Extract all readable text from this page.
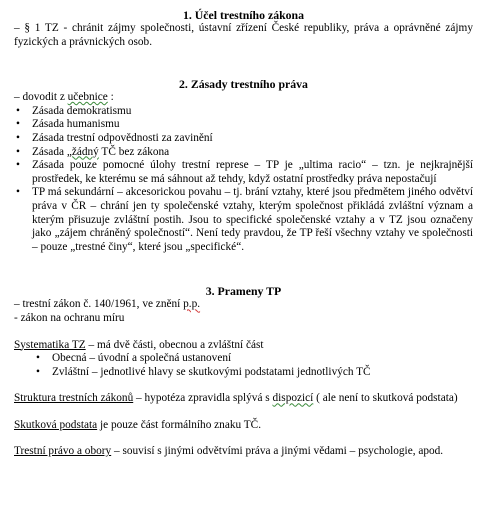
1. Účel trestního zákona

– § 1 TZ - chránit zájmy společnosti, ústavní zřízení České republiky, práva a oprávněné zájmy fyzických a právnických osob.

2. Zásady trestního práva

– dovodit z učebnice :

• Zásada demokratismu
• Zásada humanismu
• Zásada trestní odpovědnosti za zavinění
• Zásada „žádný TČ bez zákona
• Zásada pouze pomocné úlohy trestní represe – TP je „ultima racio“ – tzn. je nejkrajnější prostředek, ke kterému se má sáhnout až tehdy, když ostatní prostředky práva nepostačují
• TP má sekundární – akcesorickou povahu – tj. brání vztahy, které jsou předmětem jiného odvětví práva v ČR – chrání jen ty společenské vztahy, kterým společnost přikládá zvláštní význam a kterým přisuzuje zvláštní postih. Jsou to specifické společenské vztahy a v TZ jsou označeny jako „zájem chráněný společností“. Není tedy pravdou, že TP řeší všechny vztahy ve společnosti – pouze „trestné činy“, které jsou „specifické“.
3. Prameny TP

– trestní zákon č. 140/1961, ve znění p.p.

- zákon na ochranu míru

Systematika TZ – má dvě části, obecnou a zvláštní část

• Obecná – úvodní a společná ustanovení
• Zvláštní – jednotlivé hlavy se skutkovými podstatami jednotlivých TČ

Struktura trestních zákonů – hypotéza zpravidla splývá s dispozicí ( ale není to skutková podstata)

Skutková podstata je pouze část formálního znaku TČ.

Trestní právo a obory – souvisí s jinými odvětvími práva a jinými vědami – psychologie, apod.
